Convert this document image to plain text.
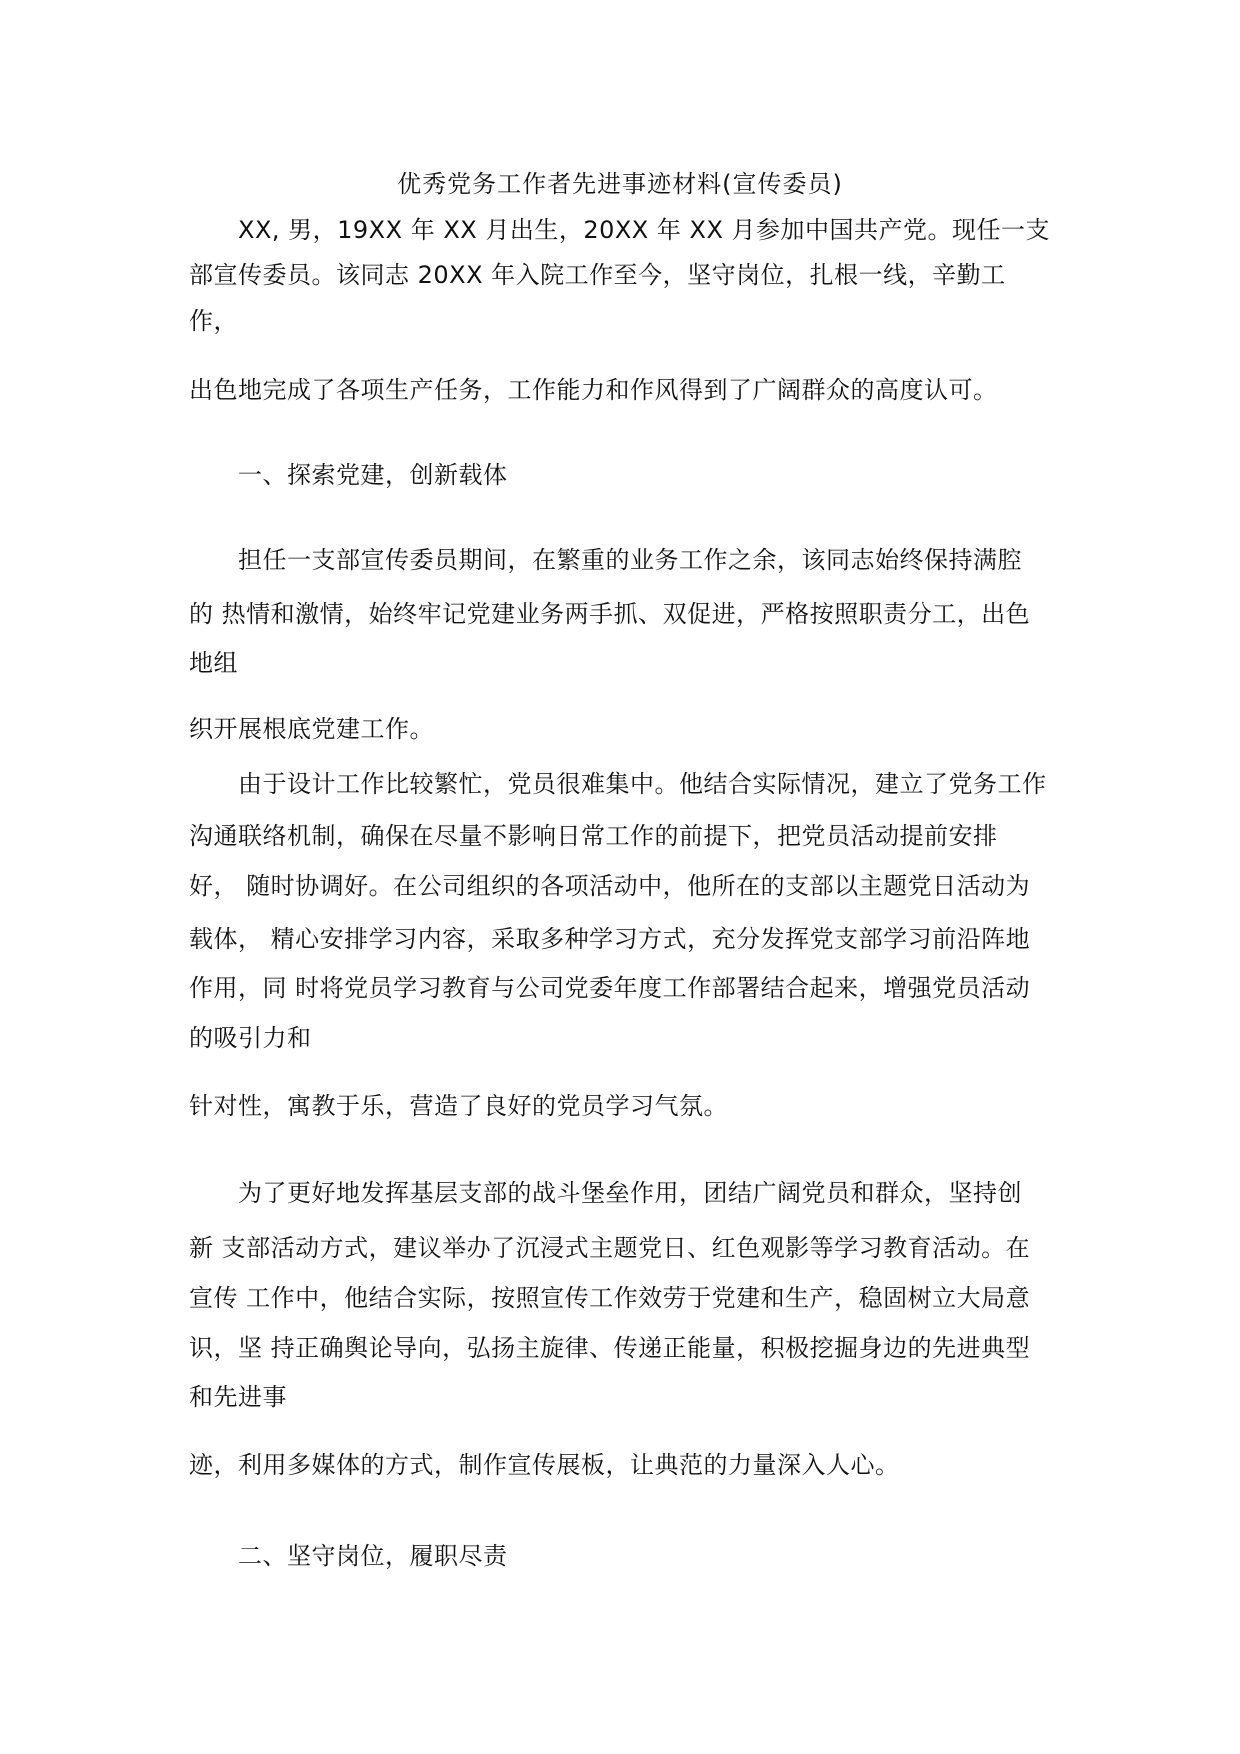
优秀党务工作者先进事迹材料(宣传委员)
XX, 男，19XX 年 XX 月出生，20XX 年 XX 月参加中国共产党。现任一支
部宣传委员。该同志 20XX 年入院工作至今，坚守岗位，扎根一线，辛勤工
作，
出色地完成了各项生产任务，工作能力和作风得到了广阔群众的高度认可。
一、探索党建，创新载体
担任一支部宣传委员期间，在繁重的业务工作之余，该同志始终保持满腔
的 热情和激情，始终牢记党建业务两手抓、双促进，严格按照职责分工，出色
地组
织开展根底党建工作。
由于设计工作比较繁忙，党员很难集中。他结合实际情况，建立了党务工作
沟通联络机制，确保在尽量不影响日常工作的前提下，把党员活动提前安排
好， 随时协调好。在公司组织的各项活动中，他所在的支部以主题党日活动为
载体， 精心安排学习内容，采取多种学习方式，充分发挥党支部学习前沿阵地
作用，同 时将党员学习教育与公司党委年度工作部署结合起来，增强党员活动
的吸引力和
针对性，寓教于乐，营造了良好的党员学习气氛。
为了更好地发挥基层支部的战斗堡垒作用，团结广阔党员和群众，坚持创
新 支部活动方式，建议举办了沉浸式主题党日、红色观影等学习教育活动。在
宣传 工作中，他结合实际，按照宣传工作效劳于党建和生产，稳固树立大局意
识，坚 持正确舆论导向，弘扬主旋律、传递正能量，积极挖掘身边的先进典型
和先进事
迹，利用多媒体的方式，制作宣传展板，让典范的力量深入人心。
二、坚守岗位，履职尽责
